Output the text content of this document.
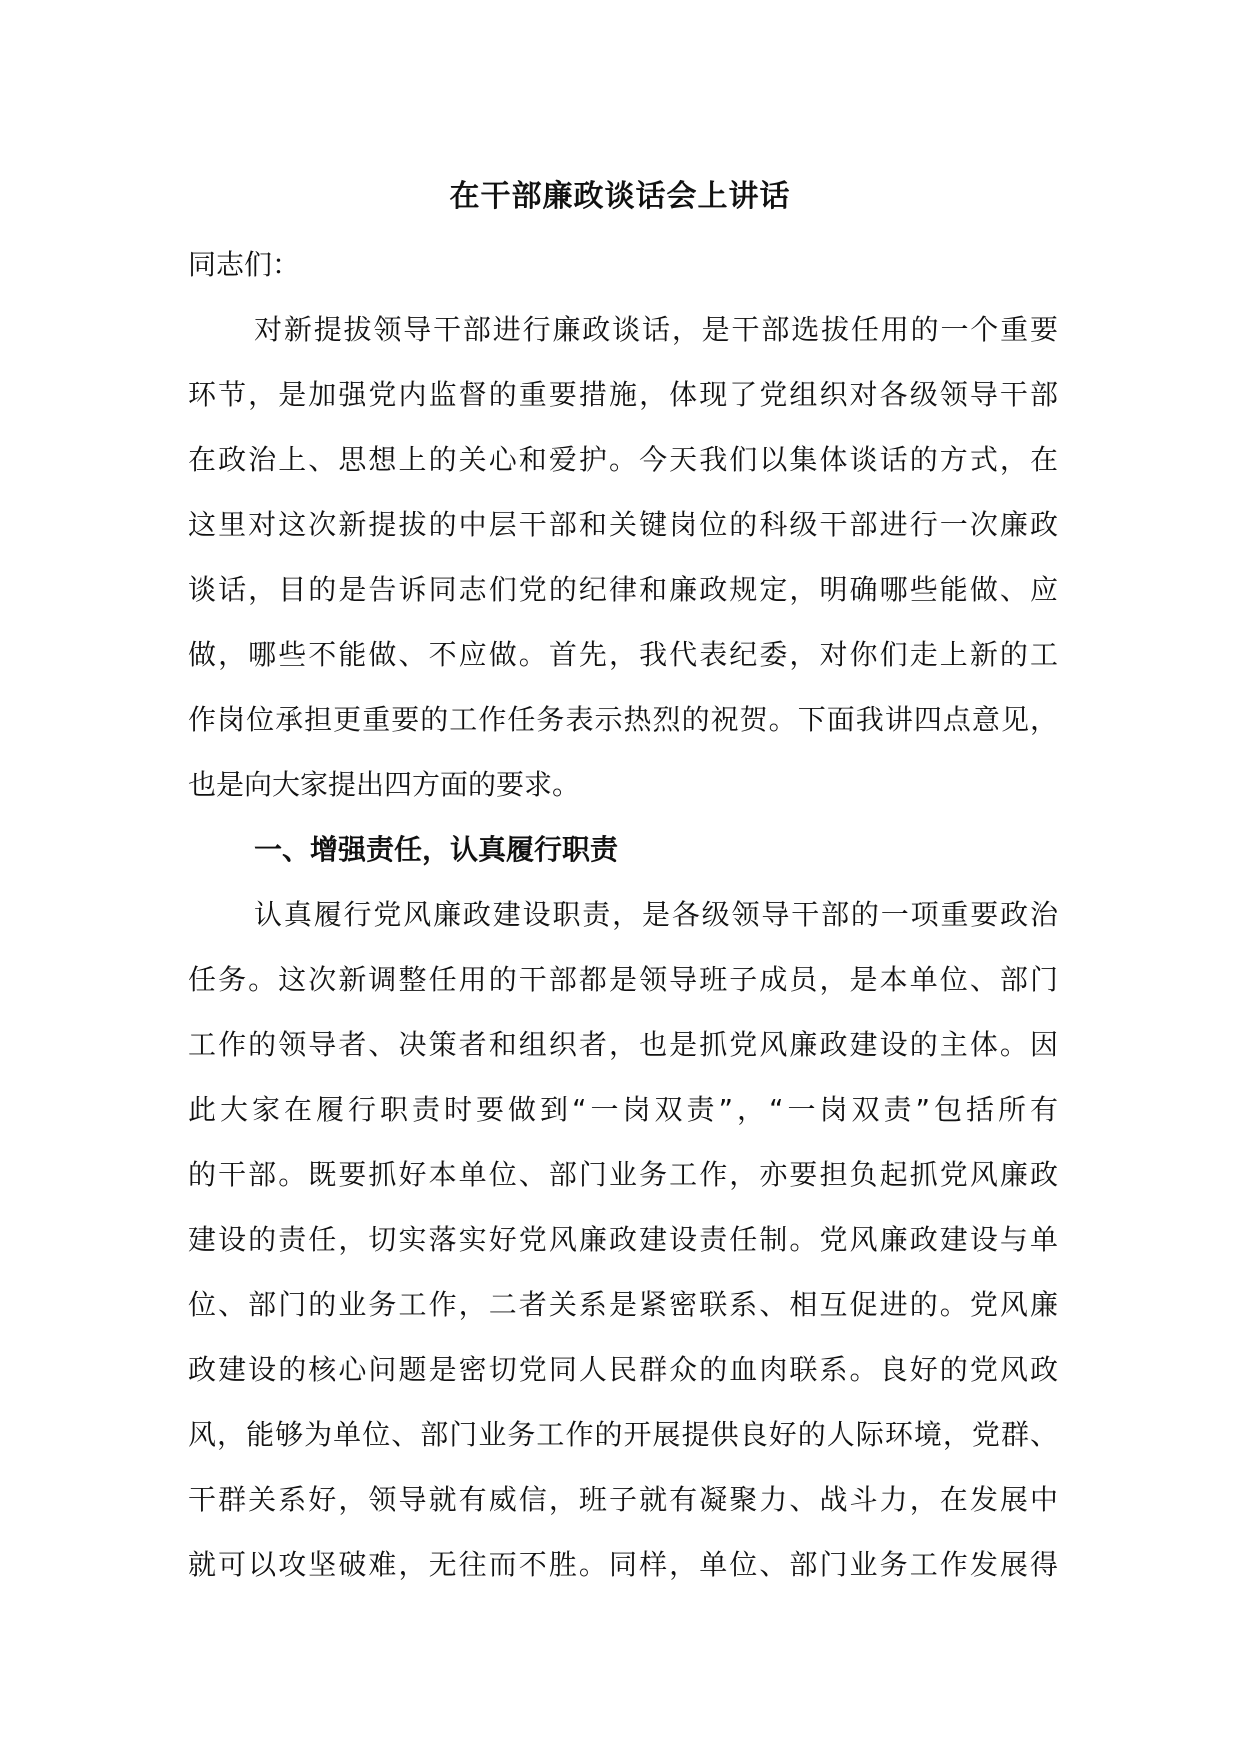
在干部廉政谈话会上讲话
同志们：
对新提拔领导干部进行廉政谈话，是干部选拔任用的一个重要
环节，是加强党内监督的重要措施，体现了党组织对各级领导干部
在政治上、思想上的关心和爱护。今天我们以集体谈话的方式，在
这里对这次新提拔的中层干部和关键岗位的科级干部进行一次廉政
谈话，目的是告诉同志们党的纪律和廉政规定，明确哪些能做、应
做，哪些不能做、不应做。首先，我代表纪委，对你们走上新的工
作岗位承担更重要的工作任务表示热烈的祝贺。下面我讲四点意见，
也是向大家提出四方面的要求。
一、增强责任，认真履行职责
认真履行党风廉政建设职责，是各级领导干部的一项重要政治
任务。这次新调整任用的干部都是领导班子成员，是本单位、部门
工作的领导者、决策者和组织者，也是抓党风廉政建设的主体。因
此大家在履行职责时要做到“一岗双责”，“一岗双责”包括所有
的干部。既要抓好本单位、部门业务工作，亦要担负起抓党风廉政
建设的责任，切实落实好党风廉政建设责任制。党风廉政建设与单
位、部门的业务工作，二者关系是紧密联系、相互促进的。党风廉
政建设的核心问题是密切党同人民群众的血肉联系。良好的党风政
风，能够为单位、部门业务工作的开展提供良好的人际环境，党群、
干群关系好，领导就有威信，班子就有凝聚力、战斗力，在发展中
就可以攻坚破难，无往而不胜。同样，单位、部门业务工作发展得
